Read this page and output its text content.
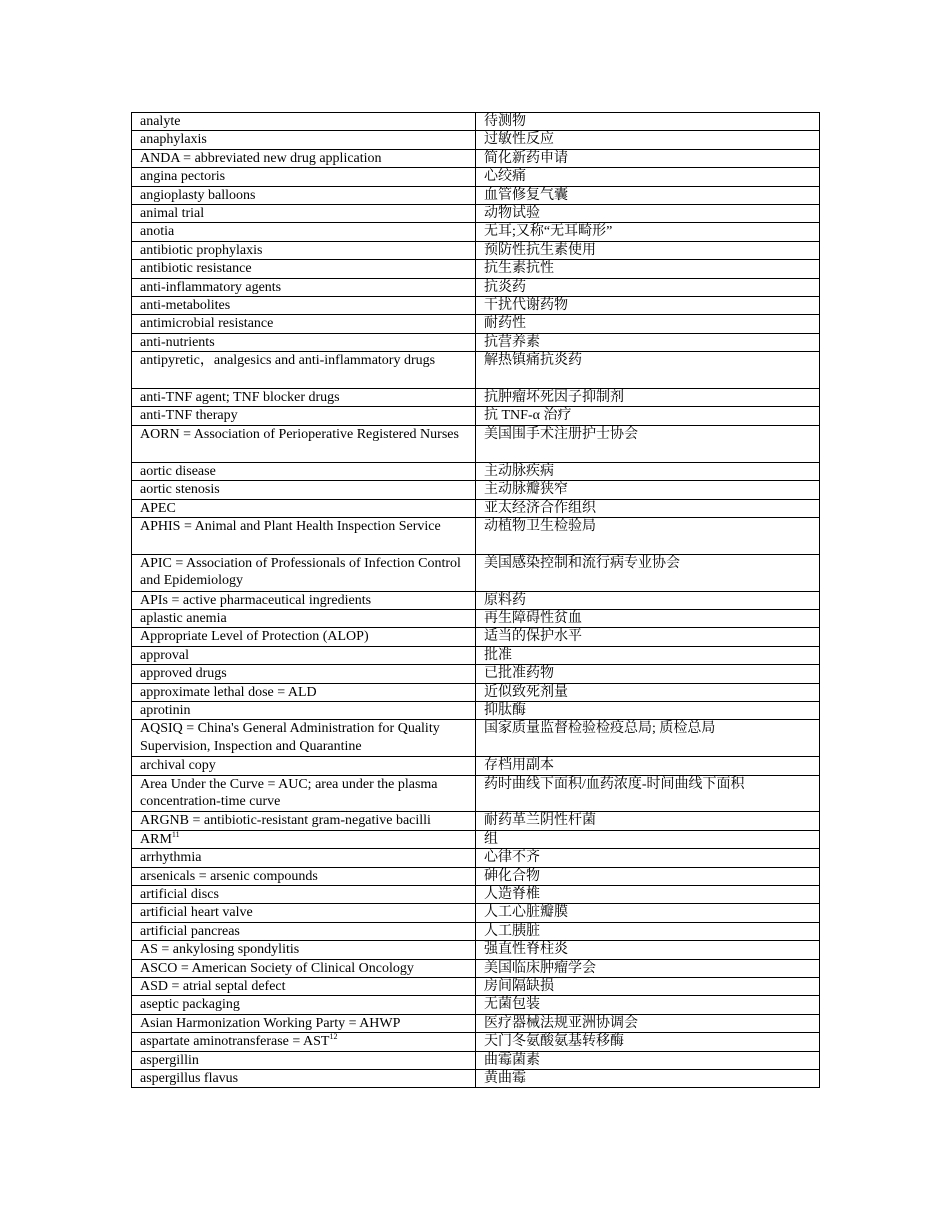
analyte	待测物
anaphylaxis	过敏性反应
ANDA = abbreviated new drug application	简化新药申请
angina pectoris	心绞痛
angioplasty balloons	血管修复气囊
animal trial	动物试验
anotia	无耳;又称“无耳畸形”
antibiotic prophylaxis	预防性抗生素使用
antibiotic resistance	抗生素抗性
anti-inflammatory agents	抗炎药
anti-metabolites	干扰代谢药物
antimicrobial resistance	耐药性
anti-nutrients	抗营养素
antipyretic，analgesics and anti-inflammatory drugs	解热镇痛抗炎药
anti-TNF agent; TNF blocker drugs	抗肿瘤坏死因子抑制剂
anti-TNF therapy	抗 TNF-α 治疗
AORN = Association of Perioperative Registered Nurses	美国围手术注册护士协会
aortic disease	主动脉疾病
aortic stenosis	主动脉瓣狭窄
APEC	亚太经济合作组织
APHIS = Animal and Plant Health Inspection Service	动植物卫生检验局
APIC = Association of Professionals of Infection Control and Epidemiology	美国感染控制和流行病专业协会
APIs = active pharmaceutical ingredients	原料药
aplastic anemia	再生障碍性贫血
Appropriate Level of Protection (ALOP)	适当的保护水平
approval	批准
approved drugs	已批准药物
approximate lethal dose = ALD	近似致死剂量
aprotinin	抑肽酶
AQSIQ = China's General Administration for Quality Supervision, Inspection and Quarantine	国家质量监督检验检疫总局; 质检总局
archival copy	存档用副本
Area Under the Curve = AUC; area under the plasma concentration-time curve	药时曲线下面积/血药浓度-时间曲线下面积
ARGNB = antibiotic-resistant gram-negative bacilli	耐药革兰阴性杆菌
ARM$^{11}$	组
arrhythmia	心律不齐
arsenicals = arsenic compounds	砷化合物
artificial discs	人造脊椎
artificial heart valve	人工心脏瓣膜
artificial pancreas	人工胰脏
AS = ankylosing spondylitis	强直性脊柱炎
ASCO = American Society of Clinical Oncology	美国临床肿瘤学会
ASD = atrial septal defect	房间隔缺损
aseptic packaging	无菌包装
Asian Harmonization Working Party = AHWP	医疗器械法规亚洲协调会
aspartate aminotransferase = $AST^{12}$	天门冬氨酸氨基转移酶
aspergillin	曲霉菌素
aspergillus flavus	黄曲霉
